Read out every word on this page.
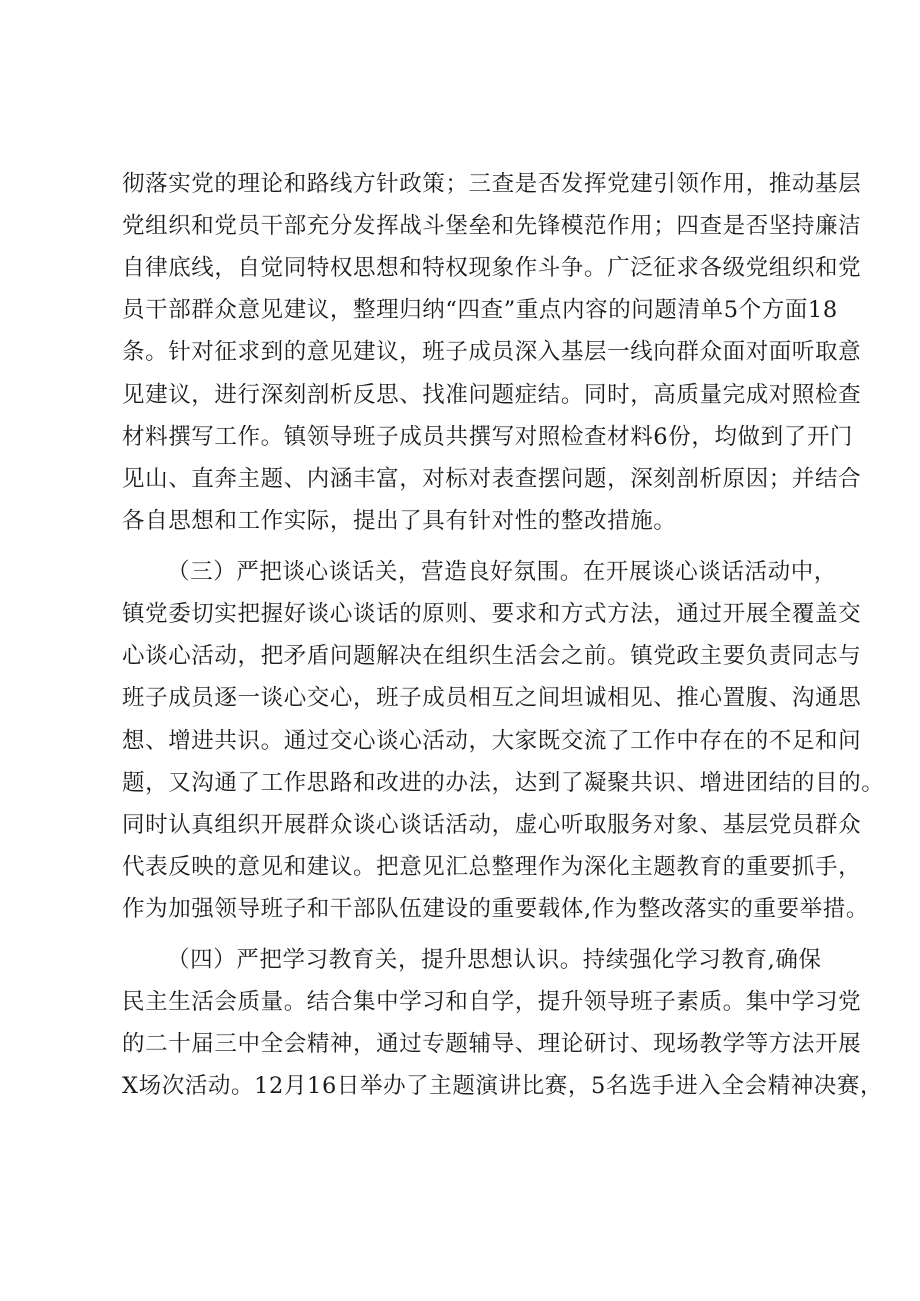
彻落实党的理论和路线方针政策；三查是否发挥党建引领作用，推动基层
党组织和党员干部充分发挥战斗堡垒和先锋模范作用；四查是否坚持廉洁
自律底线，自觉同特权思想和特权现象作斗争。广泛征求各级党组织和党
员干部群众意见建议，整理归纳“四查”重点内容的问题清单5个方面18
条。针对征求到的意见建议，班子成员深入基层一线向群众面对面听取意
见建议，进行深刻剖析反思、找准问题症结。同时，高质量完成对照检查
材料撰写工作。镇领导班子成员共撰写对照检查材料6份，均做到了开门
见山、直奔主题、内涵丰富，对标对表查摆问题，深刻剖析原因；并结合
各自思想和工作实际，提出了具有针对性的整改措施。
（三）严把谈心谈话关，营造良好氛围。在开展谈心谈话活动中，
镇党委切实把握好谈心谈话的原则、要求和方式方法，通过开展全覆盖交
心谈心活动，把矛盾问题解决在组织生活会之前。镇党政主要负责同志与
班子成员逐一谈心交心，班子成员相互之间坦诚相见、推心置腹、沟通思
想、增进共识。通过交心谈心活动，大家既交流了工作中存在的不足和问
题，又沟通了工作思路和改进的办法，达到了凝聚共识、增进团结的目的。
同时认真组织开展群众谈心谈话活动，虚心听取服务对象、基层党员群众
代表反映的意见和建议。把意见汇总整理作为深化主题教育的重要抓手，
作为加强领导班子和干部队伍建设的重要载体,作为整改落实的重要举措。
（四）严把学习教育关，提升思想认识。持续强化学习教育,确保
民主生活会质量。结合集中学习和自学，提升领导班子素质。集中学习党
的二十届三中全会精神，通过专题辅导、理论研讨、现场教学等方法开展
X场次活动。12月16日举办了主题演讲比赛，5名选手进入全会精神决赛，
